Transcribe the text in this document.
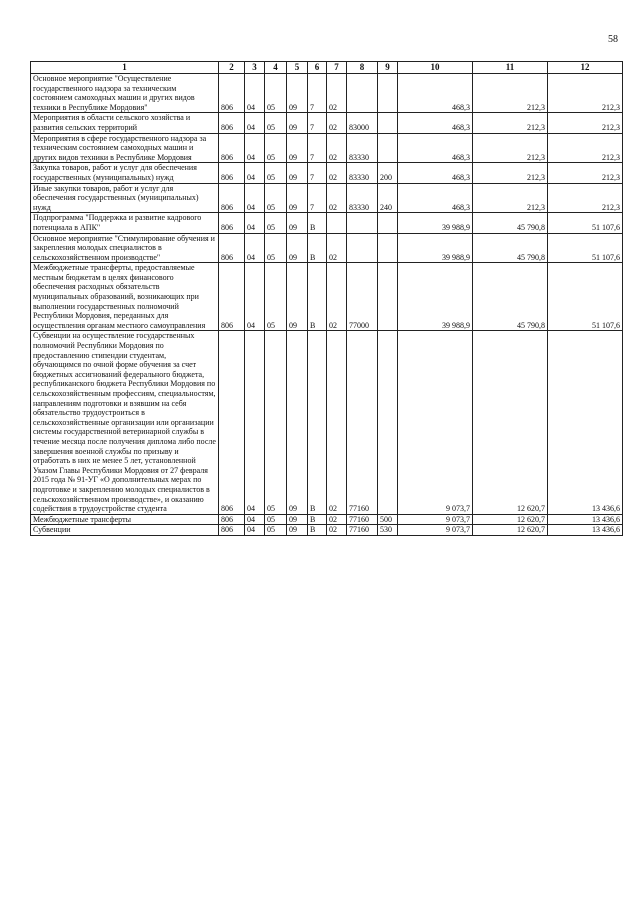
58
1	2	3	4	5	6	7	8	9	10	11	12
Основное мероприятие "Осуществление государственного надзора за техническим состоянием самоходных машин и других видов техники в Республике Мордовия"	806	04	05	09	7	02			468,3	212,3	212,3
Мероприятия в области сельского хозяйства и развития сельских территорий	806	04	05	09	7	02	83000		468,3	212,3	212,3
Мероприятия в сфере государственного надзора за техническим состоянием самоходных машин и других видов техники в Республике Мордовия	806	04	05	09	7	02	83330		468,3	212,3	212,3
Закупка товаров, работ и услуг для обеспечения государственных (муниципальных) нужд	806	04	05	09	7	02	83330	200	468,3	212,3	212,3
Иные закупки товаров, работ и услуг для обеспечения государственных (муниципальных) нужд	806	04	05	09	7	02	83330	240	468,3	212,3	212,3
Подпрограмма "Поддержка и развитие кадрового потенциала в АПК"	806	04	05	09	В				39 988,9	45 790,8	51 107,6
Основное мероприятие "Стимулирование обучения и закрепления молодых специалистов в сельскохозяйственном производстве"	806	04	05	09	В	02			39 988,9	45 790,8	51 107,6
Межбюджетные трансферты, предоставляемые местным бюджетам в целях финансового обеспечения расходных обязательств муниципальных образований, возникающих при выполнении государственных полномочий Республики Мордовия, переданных для осуществления органам местного самоуправления	806	04	05	09	В	02	77000		39 988,9	45 790,8	51 107,6
Субвенции на осуществление государственных полномочий Республики Мордовия по предоставлению стипендии студентам, обучающимся по очной форме обучения за счет бюджетных ассигнований федерального бюджета, республиканского бюджета Республики Мордовия по сельскохозяйственным профессиям, специальностям, направлениям подготовки и взявшим на себя обязательство трудоустроиться в сельскохозяйственные организации или организации системы государственной ветеринарной службы в течение месяца после получения диплома либо после завершения военной службы по призыву и отработать в них не менее 5 лет, установленной Указом Главы Республики Мордовия от 27 февраля 2015 года № 91-УГ «О дополнительных мерах по подготовке и закреплению молодых специалистов в сельскохозяйственном производстве», и оказанию содействия в трудоустройстве студента	806	04	05	09	В	02	77160		9 073,7	12 620,7	13 436,6
Межбюджетные трансферты	806	04	05	09	В	02	77160	500	9 073,7	12 620,7	13 436,6
Субвенции	806	04	05	09	В	02	77160	530	9 073,7	12 620,7	13 436,6
